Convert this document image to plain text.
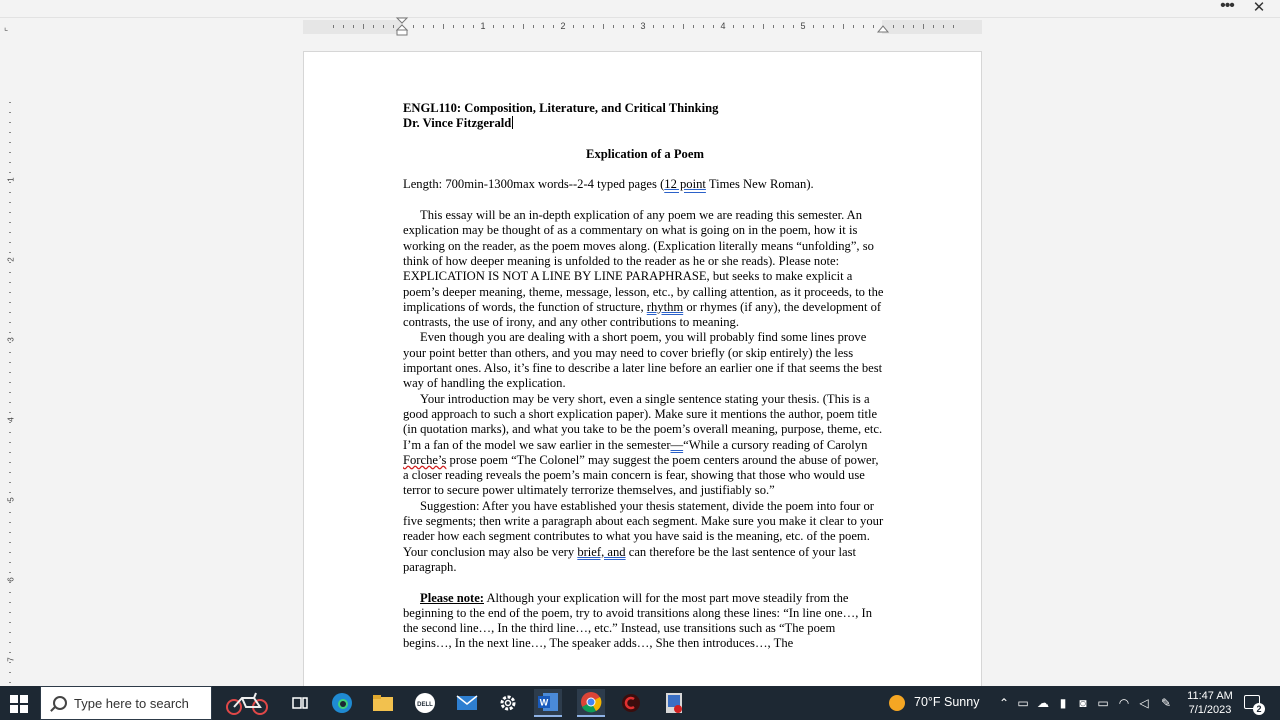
••• ✕
⌞	1	2	3	4	5
1
2
3
4
5
6
7

ENGL110: Composition, Literature, and Critical Thinking

Dr. Vince Fitzgerald

Explication of a Poem

Length: 700min-1300max words--2-4 typed pages (12 point Times New Roman).

This essay will be an in-depth explication of any poem we are reading this semester. An explication may be thought of as a commentary on what is going on in the poem, how it is working on the reader, as the poem moves along. (Explication literally means “unfolding”, so think of how deeper meaning is unfolded to the reader as he or she reads). Please note: EXPLICATION IS NOT A LINE BY LINE PARAPHRASE, but seeks to make explicit a poem’s deeper meaning, theme, message, lesson, etc., by calling attention, as it proceeds, to the implications of words, the function of structure, rhythm or rhymes (if any), the development of contrasts, the use of irony, and any other contributions to meaning.

Even though you are dealing with a short poem, you will probably find some lines prove your point better than others, and you may need to cover briefly (or skip entirely) the less important ones. Also, it’s fine to describe a later line before an earlier one if that seems the best way of handling the explication.

Your introduction may be very short, even a single sentence stating your thesis. (This is a good approach to such a short explication paper). Make sure it mentions the author, poem title (in quotation marks), and what you take to be the poem’s overall meaning, purpose, theme, etc. I’m a fan of the model we saw earlier in the semester—“While a cursory reading of Carolyn Forche’s prose poem “The Colonel” may suggest the poem centers around the abuse of power, a closer reading reveals the poem’s main concern is fear, showing that those who would use terror to secure power ultimately terrorize themselves, and justifiably so.”

Suggestion: After you have established your thesis statement, divide the poem into four or five segments; then write a paragraph about each segment. Make sure you make it clear to your reader how each segment contributes to what you have said is the meaning, etc. of the poem. Your conclusion may also be very brief, and can therefore be the last sentence of your last paragraph.

Please note: Although your explication will for the most part move steadily from the beginning to the end of the poem, try to avoid transitions along these lines: “In line one…, In the second line…, In the third line…, etc.” Instead, use transitions such as “The poem begins…, In the next line…, The speaker adds…, She then introduces…, The

Type here to search	DELL	W	70°F Sunny ⌃ ▭ ☁ ▮	◙ ▭ ◠ ◁ ✎	11:47 AM
7/1/2023	2
